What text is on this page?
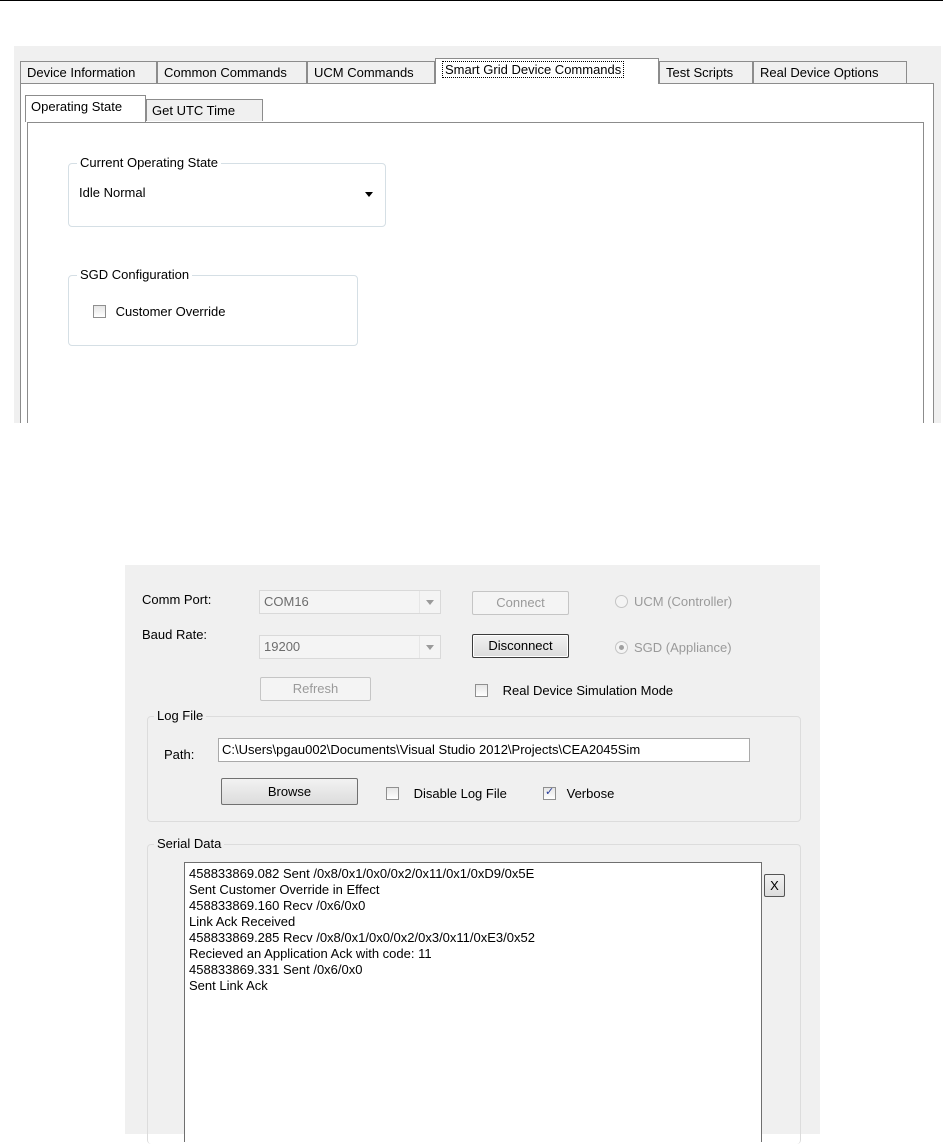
Device Information	Common Commands	UCM Commands	Smart Grid Device Commands	Test Scripts	Real Device Options
Operating State	Get UTC Time
Current Operating State
Idle Normal
SGD Configuration
Customer Override
Comm Port:	COM16	Connect	UCM (Controller)
Baud Rate:
19200	Disconnect	SGD (Appliance)
Refresh	Real Device Simulation Mode
Log File
Path:	C:\Users\pgau002\Documents\Visual Studio 2012\Projects\CEA2045Sim
Browse	Disable Log File
✓	Verbose
Serial Data
458833869.082 Sent /0x8/0x1/0x0/0x2/0x11/0x1/0xD9/0x5E
Sent Customer Override in Effect
458833869.160 Recv /0x6/0x0
Link Ack Received
458833869.285 Recv /0x8/0x1/0x0/0x2/0x3/0x11/0xE3/0x52
Recieved an Application Ack with code: 11
458833869.331 Sent /0x6/0x0
Sent Link Ack
X
